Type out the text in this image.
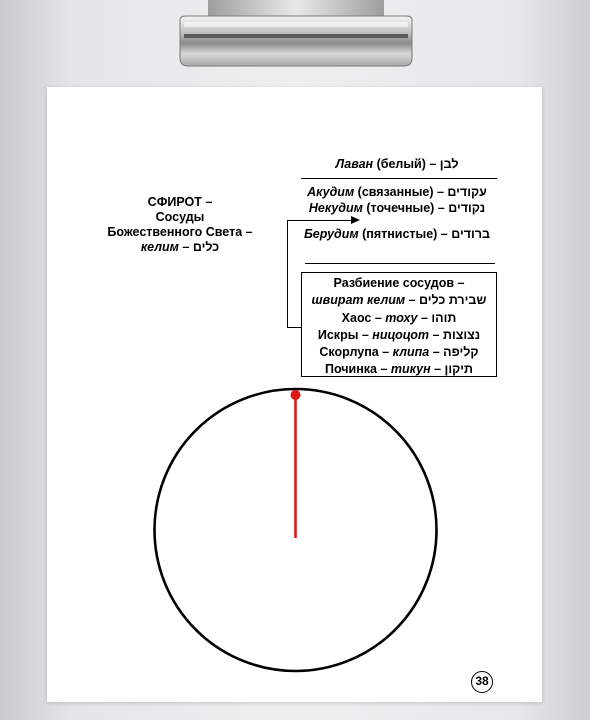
СФИРОТ –
Сосуды
Божественного Света –
келим – כלים
Лаван (белый) – לבן
Акудим (связанные) – עקודים
Некудим (точечные) – נקודים
Берудим (пятнистые) – ברודים
Разбиение сосудов –
швират келим – שבירת כלים
Хаос – тоху – תוהו
Искры – ницоцот – נצוצות
Скорлупа – клипа – קליפה
Починка – тикун – תיקון
38
